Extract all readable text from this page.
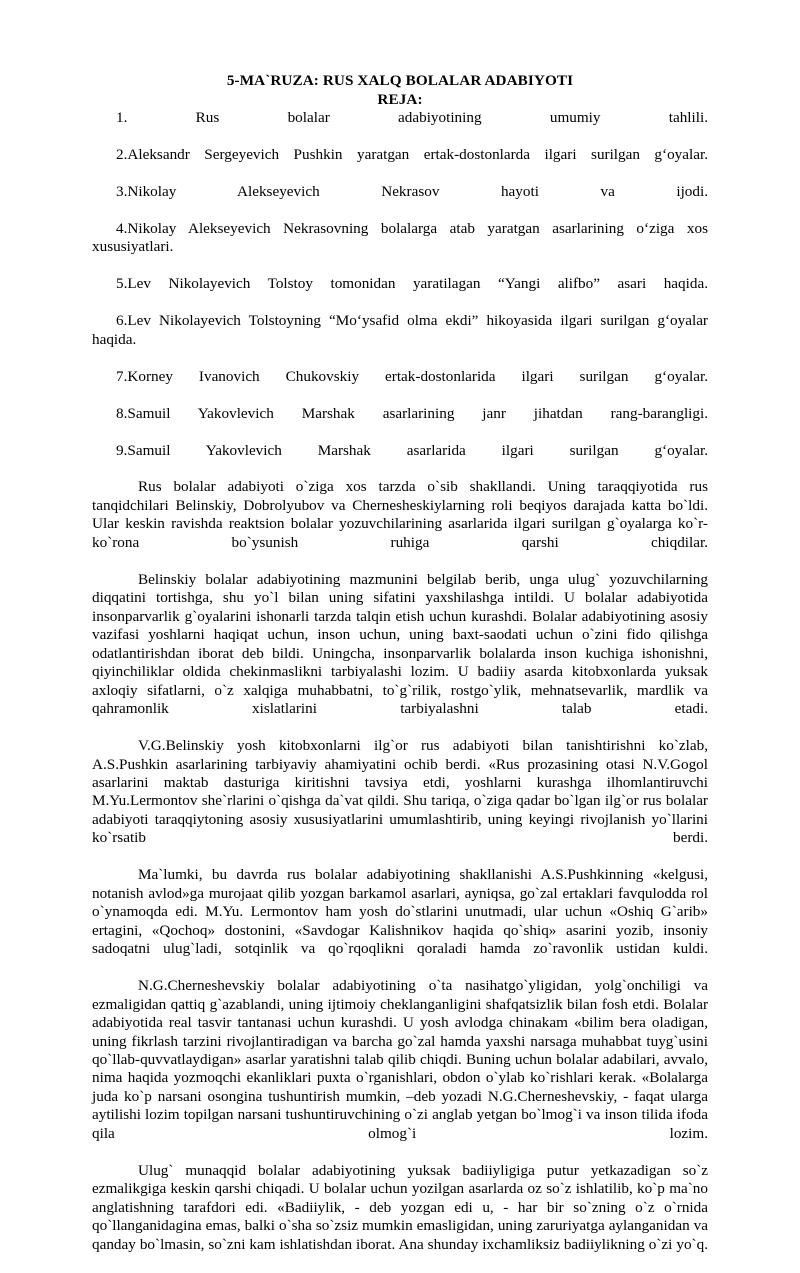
5-MA`RUZA: RUS XALQ BOLALAR ADABIYOTI
REJA:

1. Rus bolalar adabiyotining umumiy tahlili.

2.Aleksandr Sergeyevich Pushkin yaratgan ertak-dostonlarda ilgari surilgan g‘oyalar.

3.Nikolay Alekseyevich Nekrasov hayoti va ijodi.

4.Nikolay Alekseyevich Nekrasovning bolalarga atab yaratgan asarlarining o‘ziga xos xususiyatlari.

5.Lev Nikolayevich Tolstoy tomonidan yaratilagan “Yangi alifbo” asari haqida.

6.Lev Nikolayevich Tolstoyning “Mo‘ysafid olma ekdi” hikoyasida ilgari surilgan g‘oyalar haqida.

7.Korney Ivanovich Chukovskiy ertak-dostonlarida ilgari surilgan g‘oyalar.

8.Samuil Yakovlevich Marshak asarlarining janr jihatdan rang-barangligi.

9.Samuil Yakovlevich Marshak asarlarida ilgari surilgan g‘oyalar.

Rus bolalar adabiyoti o`ziga xos tarzda o`sib shakllandi. Uning taraqqiyotida rus tanqidchilari Belinskiy, Dobrolyubov va Chernesheskiylarning roli beqiyos darajada katta bo`ldi. Ular keskin ravishda reaktsion bolalar yozuvchilarining asarlarida ilgari surilgan g`oyalarga ko`r-ko`rona bo`ysunish ruhiga qarshi chiqdilar.

Belinskiy bolalar adabiyotining mazmunini belgilab berib, unga ulug` yozuvchilarning diqqatini tortishga, shu yo`l bilan uning sifatini yaxshilashga intildi. U bolalar adabiyotida insonparvarlik g`oyalarini ishonarli tarzda talqin etish uchun kurashdi. Bolalar adabiyotining asosiy vazifasi yoshlarni haqiqat uchun, inson uchun, uning baxt-saodati uchun o`zini fido qilishga odatlantirishdan iborat deb bildi. Uningcha, insonparvarlik bolalarda inson kuchiga ishonishni, qiyinchiliklar oldida chekinmaslikni tarbiyalashi lozim. U badiiy asarda kitobxonlarda yuksak axloqiy sifatlarni, o`z xalqiga muhabbatni, to`g`rilik, rostgo`ylik, mehnatsevarlik, mardlik va qahramonlik xislatlarini tarbiyalashni talab etadi.

V.G.Belinskiy yosh kitobxonlarni ilg`or rus adabiyoti bilan tanishtirishni ko`zlab, A.S.Pushkin asarlarining tarbiyaviy ahamiyatini ochib berdi. «Rus prozasining otasi N.V.Gogol asarlarini maktab dasturiga kiritishni tavsiya etdi, yoshlarni kurashga ilhomlantiruvchi M.Yu.Lermontov she`rlarini o`qishga da`vat qildi. Shu tariqa, o`ziga qadar bo`lgan ilg`or rus bolalar adabiyoti taraqqiytoning asosiy xususiyatlarini umumlashtirib, uning keyingi rivojlanish yo`llarini ko`rsatib berdi.

Ma`lumki, bu davrda rus bolalar adabiyotining shakllanishi A.S.Pushkinning «kelgusi, notanish avlod»ga murojaat qilib yozgan barkamol asarlari, ayniqsa, go`zal ertaklari favqulodda rol o`ynamoqda edi. M.Yu. Lermontov ham yosh do`stlarini unutmadi, ular uchun «Oshiq G`arib» ertagini, «Qochoq» dostonini, «Savdogar Kalishnikov haqida qo`shiq» asarini yozib, insoniy sadoqatni ulug`ladi, sotqinlik va qo`rqoqlikni qoraladi hamda zo`ravonlik ustidan kuldi.

N.G.Cherneshevskiy bolalar adabiyotining o`ta nasihatgo`yligidan, yolg`onchiligi va ezmaligidan qattiq g`azablandi, uning ijtimoiy cheklanganligini shafqatsizlik bilan fosh etdi. Bolalar adabiyotida real tasvir tantanasi uchun kurashdi. U yosh avlodga chinakam «bilim bera oladigan, uning fikrlash tarzini rivojlantiradigan va barcha go`zal hamda yaxshi narsaga muhabbat tuyg`usini qo`llab-quvvatlaydigan» asarlar yaratishni talab qilib chiqdi. Buning uchun bolalar adabilari, avvalo, nima haqida yozmoqchi ekanliklari puxta o`rganishlari, obdon o`ylab ko`rishlari kerak. «Bolalarga juda ko`p narsani osongina tushuntirish mumkin, –deb yozadi N.G.Cherneshevskiy, - faqat ularga aytilishi lozim topilgan narsani tushuntiruvchining o`zi anglab yetgan bo`lmog`i va inson tilida ifoda qila olmog`i lozim.

Ulug` munaqqid bolalar adabiyotining yuksak badiiyligiga putur yetkazadigan so`z ezmalikgiga keskin qarshi chiqadi. U bolalar uchun yozilgan asarlarda oz so`z ishlatilib, ko`p ma`no anglatishning tarafdori edi. «Badiiylik, - deb yozgan edi u, - har bir so`zning o`z o`rnida qo`llanganidagina emas, balki o`sha so`zsiz mumkin emasligidan, uning zaruriyatga aylanganidan va qanday bo`lmasin, so`zni kam ishlatishdan iborat. Ana shunday ixchamliksiz badiiylikning o`zi yo`q.
